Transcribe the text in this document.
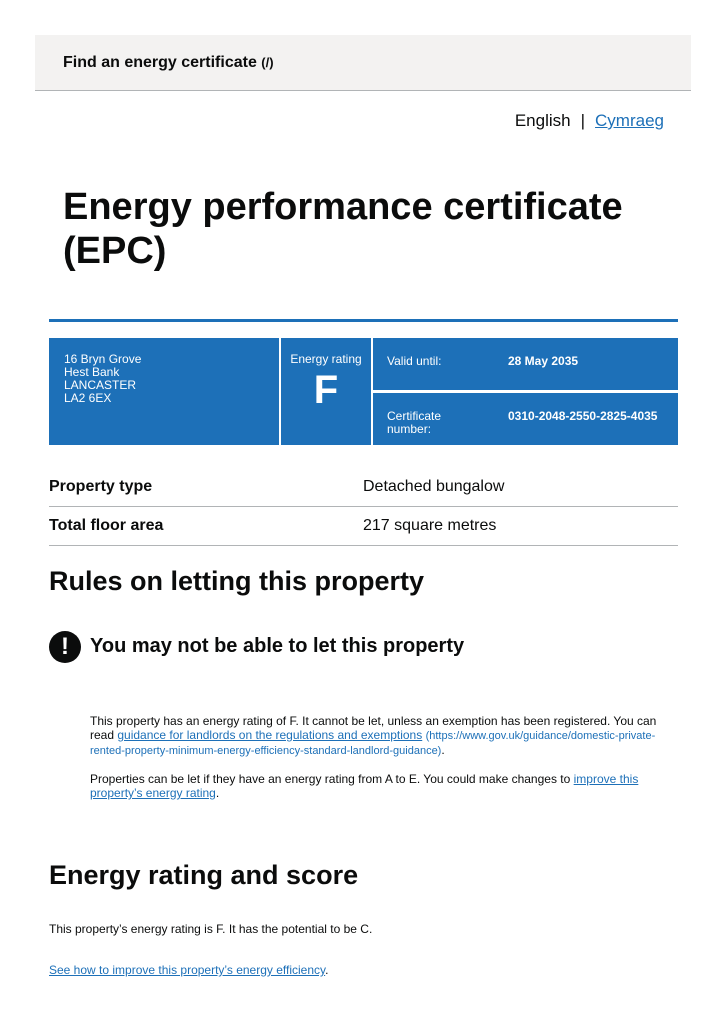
Find an energy certificate (/)
English | Cymraeg
Energy performance certificate (EPC)
16 Bryn Grove
Hest Bank
LANCASTER
LA2 6EX
Energy rating
F
Valid until:	28 May 2035
Certificate number:
0310-2048-2550-2825-4035
Property type	Detached bungalow
Total floor area	217 square metres
Rules on letting this property
!	You may not be able to let this property
This property has an energy rating of F. It cannot be let, unless an exemption has been registered. You can read guidance for landlords on the regulations and exemptions (https://www.gov.uk/guidance/domestic-private-rented-property-minimum-energy-efficiency-standard-landlord-guidance).
Properties can be let if they have an energy rating from A to E. You could make changes to improve this property’s energy rating.
Energy rating and score
This property’s energy rating is F. It has the potential to be C.
See how to improve this property’s energy efficiency.
